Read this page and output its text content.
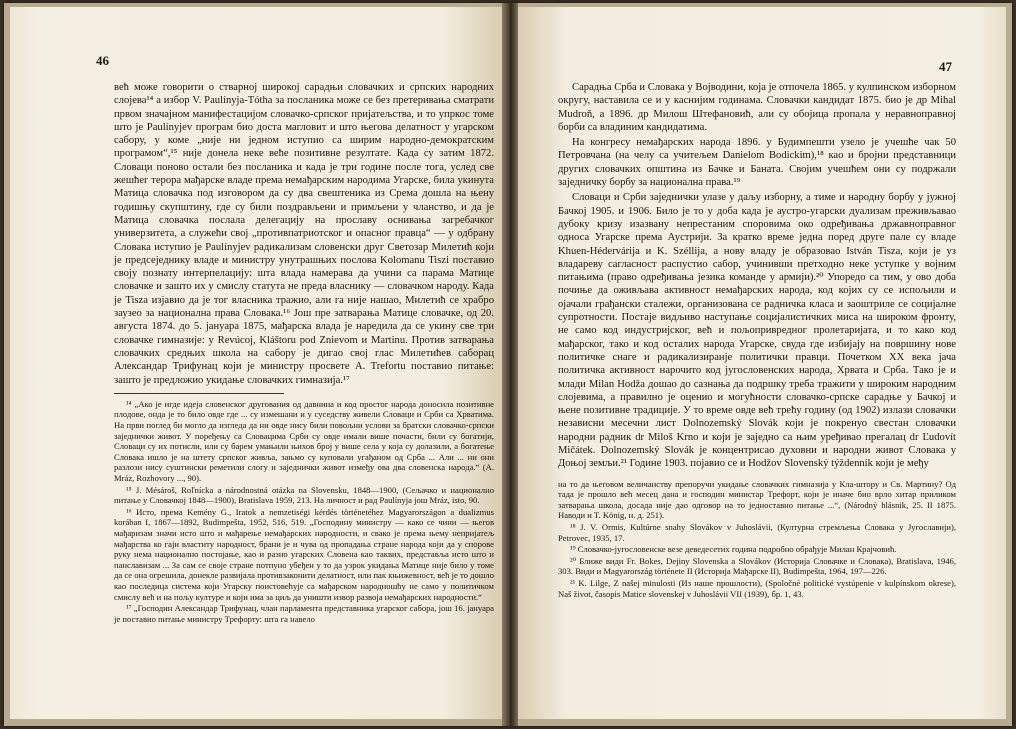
46

већ може говорити о стварној широкој сарадњи словачких и српских народних слојева¹⁴ а избор V. Paulínyja-Tótha за посланика може се без претеривања сматрати првом значајном манифестацијом словачко-српског пријатељства, и то упркос томе што је Paulínyjev програм био доста магловит и што његова делатност у угарском сабору, у коме „није ни једном иступио са ширим народно-демократским програмом“,¹⁵ није донела неке веће позитивне резултате. Када су затим 1872. Словаци поново остали без посланика и када је три године после тога, услед све жешћег терора мађарске владе према немађарским народима Угарске, била укинута Матица словачка под изговором да су два свештеника из Срема дошла на њену годишњу скупштину, где су били поздрављени и примљени у чланство, и да је Матица словачка послала делегацију на прославу оснивања загребачког универзитета, а служећи свој „противпатриотског и опасног правца“ — у одбрану Словака иступио је Paulínyjev радикализам словенски друг Светозар Милетић који је предсеједнику владе и министру унутрашњих послова Kolomanu Tiszi поставио своју познату интерпелацију: шта влада намерава да учини са парама Матице словачке и зашто их у смислу статута не преда власнику — словачком народу. Када је Tisza изјавио да је тог власника тражио, али га није нашао, Милетић се храбро заузео за национална права Словака.¹⁶ Још пре затварања Матице словачке, од 20. августа 1874. до 5. јануара 1875, мађарска влада је наредила да се укину све три словачке гимназије: у Revúcoj, Kláštoru pod Znievom и Martinu. Против затварања словачких средњих школа на сабору је дигао свој глас Милетићев саборац Александар Трифунац који је министру просвете A. Trefortu поставио питање: зашто је предложио укидање словачких гимназија.¹⁷

¹⁴ „Ако је игде идеја словенског другования од давнина и код простог народа доносила позитивне плодове, онда је то било овде где ... су измешани и у суседству живели Словаци и Срби са Хрватима. На први поглед би могло да изгледа да ни овде нису били повољни услови за братски словачко-српски заједнички живот. У поређењу са Словацима Срби су овде имали више почасти, били су богатији, Словаци су их потисли, или су барем умањили њихов број у више села у која су долазили, а богатење Словака ишло је на штету српског живља, зањмо су куповали угађаном од Срба ... Али ... ни они разлози нису суштински реметили слогу и заједнички живот између ова два словенска народа.“ (A. Mráz, Rozhovory ..., 90).

¹⁵ J. Mésároš, Roľnícka a národnostná otázka na Slovensku, 1848—1900, (Сељачко и национално питање у Словачкој 1848—1900), Bratislava 1959, 213. На личност и рад Paulínyja још Mráz, isto, 90.

¹⁶ Исто, према Kemény G., Iratok a nemzetiségi kérdés történetéhez Magyarországon a dualizmus korában I, 1867—1892, Budimpešta, 1952, 516, 519. „Господину министру — како се чини — његов мађаризам значи исто што и мађарење немађарских народности, и свако је према њему непријатељ мађарства ко гаји властиту народност, брани је и чува од пропадања стране народа који да у спорове руку нема национално постојање, као и разно угарских Словена као таквих, представља исто што и панславизам ... За сам се своје стране потпуно убеђен у то да узрок укидања Матице није било у томе да се она огрешила, донекле развијала противзаконити делатност, или пак књижевност, већ је то дошло као последица система који Угарску поистовећује са мађарском народношћу не само у политичком смислу већ и на пољу културе и који има за циљ да уништи извор развоја немађарских народности.“

¹⁷ „Господин Александар Трифунац, члан парламента представника угарског сабора, још 16. јануара је поставио питање министру Трефорту: шта га навело

47

Сарадња Срба и Словака у Војводини, која је отпочела 1865. у кулпинском изборном округу, наставила се и у каснијим годинама. Словачки кандидат 1875. био је др Mihal Mudroň, а 1896. др Милош Штефановић, али су обојица пропала у неравноправној борби са владиним кандидатима.

На конгресу немађарских народа 1896. у Будимпешти узело је учешће чак 50 Петровчана (на челу са учитељем Danielom Bodickim),¹⁸ као и бројни представници других словачких општина из Бачке и Баната. Својим учешћем они су подржали заједничку борбу за национална права.¹⁹

Словаци и Срби заједнички улазе у даљу изборну, а тиме и народну борбу у јужној Бачкој 1905. и 1906. Било је то у доба када је аустро-угарски дуализам преживљавао дубоку кризу изазвану непрестаним споровима око одређивања државноправног односа Угарске према Аустрији. За кратко време једна поред друге пале су владе Khuen-Hédervárija и K. Széllija, а нову владу је образовао István Tisza, који је уз владареву сагласност распустио сабор, учинивши претходно неке уступке у војним питањима (право одређивања језика команде у армији).²⁰ Упоредо са тим, у ово доба почиње да оживљава активност немађарских народа, код којих су се испољили и ојачали грађански сталежи, организована се радничка класа и заоштриле се социјалне супротности. Постаје видљиво наступање социјалистичких миса на широком фронту, не само код индустријског, већ и пољопривредног пролетаријата, и то како код мађарског, тако и код осталих народа Угарске, свуда где избијају на површину нове политичке снаге и радикализиранје политички правци. Почетком XX века јача политичка активност нарочито код југословенских народа, Хрвата и Срба. Тако је и млади Milan Hodža дошао до сазнања да подршку треба тражити у широким народним слојевима, а правилно је оценио и могућности словачко-српске сарадње у Бачкој и њене позитивне традиције. У то време овде већ трећу годину (од 1902) излази словачки независни месечни лист Dolnozemský Slovák који је покренуо свестан словачки народни радник dr Miloš Krno и који је заједно са њим уређивао прегалац dr Ľudovít Mičátek. Dolnozemský Slovák је концентрисао духовни и народни живот Словака у Доњој земљи.²¹ Године 1903. појавио се и Hodžov Slovenský týždenník који је међу

на то да његовом величанству препоручи укидање словачких гимназија у Кла-штору и Св. Мартину? Од тада је прошло већ месец дана и господин министар Трефорт, који је иначе био врло хитар приликом затварања школа, досада није дао одговор на то једноставно питање ...“, (Národný hlásnik, 25. II 1875. Наводи и T. König, н. д. 251).

¹⁸ J. V. Ormis, Kultúrne snahy Slovákov v Juhoslávii, (Културна стремљења Словака у Југославији), Petrovec, 1935, 17.

¹⁹ Словачко-југословенске везе деведесетих година подробно обрађује Милан Крајчовић.

²⁰ Ближе види Fr. Bokes, Dejiny Slovenska a Slovákov (Историја Словачке и Словака), Bratislava, 1946, 303. Види и Magyarország története II (Историја Мађарске II), Budimpešta, 1964, 197—226.

²¹ K. Lilge, Z našej minulosti (Из наше прошлости), (Spoločné politické vystúpenie v kulpínskom okrese), Naš život, časopis Matice slovenskej v Juhoslávii VII (1939), бр. 1, 43.
